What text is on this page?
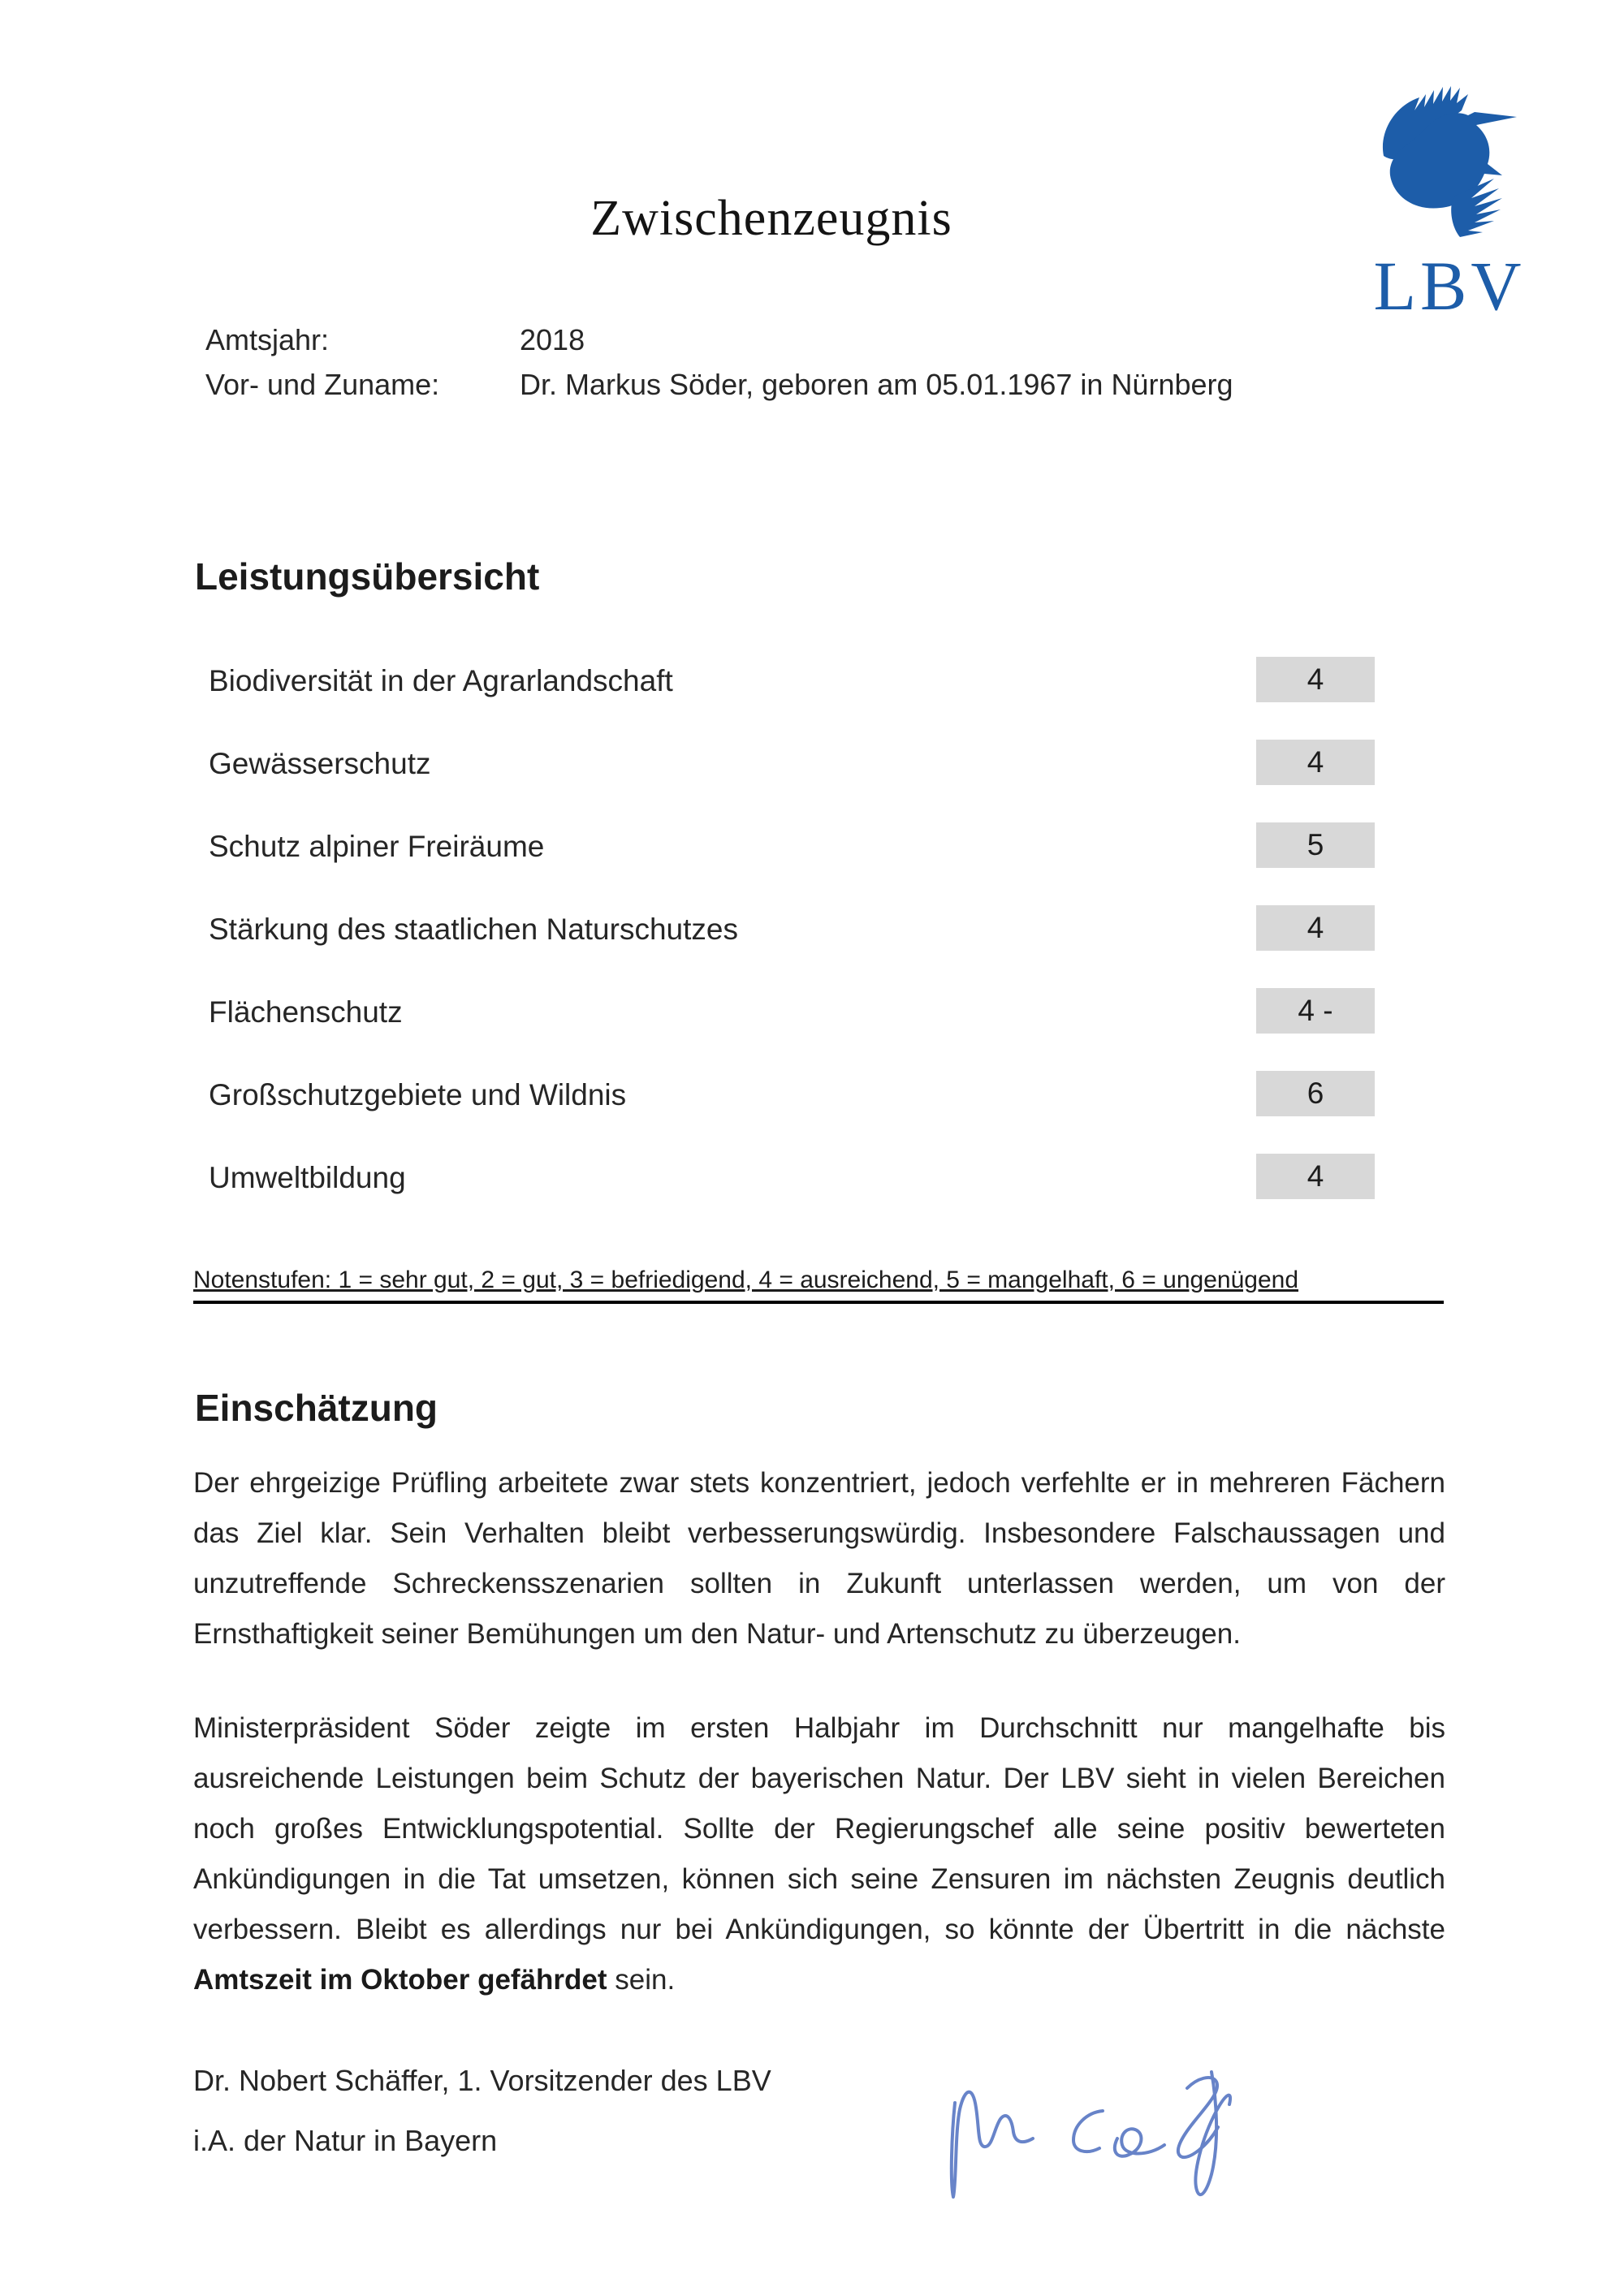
Zwischenzeugnis
LBV
Amtsjahr:	2018
Vor- und Zuname:	Dr. Markus Söder, geboren am 05.01.1967 in Nürnberg
Leistungsübersicht
Biodiversität in der Agrarlandschaft	4
Gewässerschutz	4
Schutz alpiner Freiräume	5
Stärkung des staatlichen Naturschutzes	4
Flächenschutz	4 -
Großschutzgebiete und Wildnis	6
Umweltbildung	4
Notenstufen: 1 = sehr gut, 2 = gut, 3 = befriedigend, 4 = ausreichend, 5 = mangelhaft, 6 = ungenügend
Einschätzung
Der ehrgeizige Prüfling arbeitete zwar stets konzentriert, jedoch verfehlte er in mehreren Fächern das Ziel klar. Sein Verhalten bleibt verbesserungswürdig. Insbesondere Falschaussagen und unzutreffende Schreckensszenarien sollten in Zukunft unterlassen werden, um von der Ernsthaftigkeit seiner Bemühungen um den Natur- und Artenschutz zu überzeugen.
Ministerpräsident Söder zeigte im ersten Halbjahr im Durchschnitt nur mangelhafte bis ausreichende Leistungen beim Schutz der bayerischen Natur. Der LBV sieht in vielen Bereichen noch großes Entwicklungspotential. Sollte der Regierungschef alle seine positiv bewerteten Ankündigungen in die Tat umsetzen, können sich seine Zensuren im nächsten Zeugnis deutlich verbessern. Bleibt es allerdings nur bei Ankündigungen, so könnte der Übertritt in die nächste Amtszeit im Oktober gefährdet sein.
Dr. Nobert Schäffer, 1. Vorsitzender des LBV
i.A. der Natur in Bayern
